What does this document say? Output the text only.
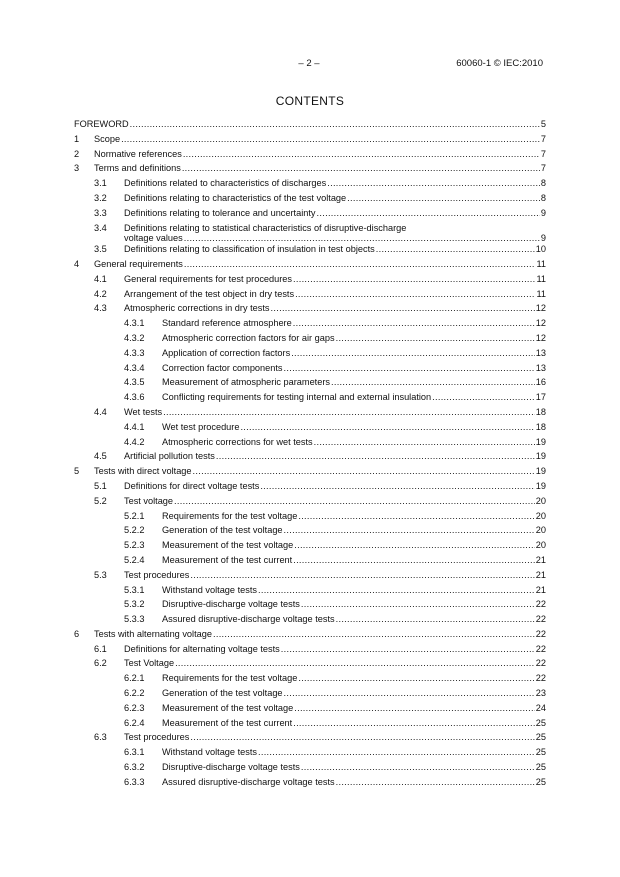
– 2 –	60060-1 © IEC:2010
CONTENTS
FOREWORD .....	5
1 Scope .....	7
2 Normative references .....	7
3 Terms and definitions .....	7
3.1 Definitions related to characteristics of discharges .....	8
3.2 Definitions relating to characteristics of the test voltage .....	8
3.3 Definitions relating to tolerance and uncertainty .....	9
3.4 Definitions relating to statistical characteristics of disruptive-discharge
voltage values .....	9
3.5 Definitions relating to classification of insulation in test objects .....	10
4 General requirements .....	11
4.1 General requirements for test procedures .....	11
4.2 Arrangement of the test object in dry tests .....	11
4.3 Atmospheric corrections in dry tests .....	12
4.3.1 Standard reference atmosphere .....	12
4.3.2 Atmospheric correction factors for air gaps .....	12
4.3.3 Application of correction factors .....	13
4.3.4 Correction factor components .....	13
4.3.5 Measurement of atmospheric parameters .....	16
4.3.6 Conflicting requirements for testing internal and external insulation .....	17
4.4 Wet tests .....	18
4.4.1 Wet test procedure .....	18
4.4.2 Atmospheric corrections for wet tests .....	19
4.5 Artificial pollution tests .....	19
5 Tests with direct voltage .....	19
5.1 Definitions for direct voltage tests .....	19
5.2 Test voltage .....	20
5.2.1 Requirements for the test voltage .....	20
5.2.2 Generation of the test voltage .....	20
5.2.3 Measurement of the test voltage .....	20
5.2.4 Measurement of the test current .....	21
5.3 Test procedures .....	21
5.3.1 Withstand voltage tests .....	21
5.3.2 Disruptive-discharge voltage tests .....	22
5.3.3 Assured disruptive-discharge voltage tests .....	22
6 Tests with alternating voltage .....	22
6.1 Definitions for alternating voltage tests .....	22
6.2 Test Voltage .....	22
6.2.1 Requirements for the test voltage .....	22
6.2.2 Generation of the test voltage .....	23
6.2.3 Measurement of the test voltage .....	24
6.2.4 Measurement of the test current .....	25
6.3 Test procedures .....	25
6.3.1 Withstand voltage tests .....	25
6.3.2 Disruptive-discharge voltage tests .....	25
6.3.3 Assured disruptive-discharge voltage tests .....	25
